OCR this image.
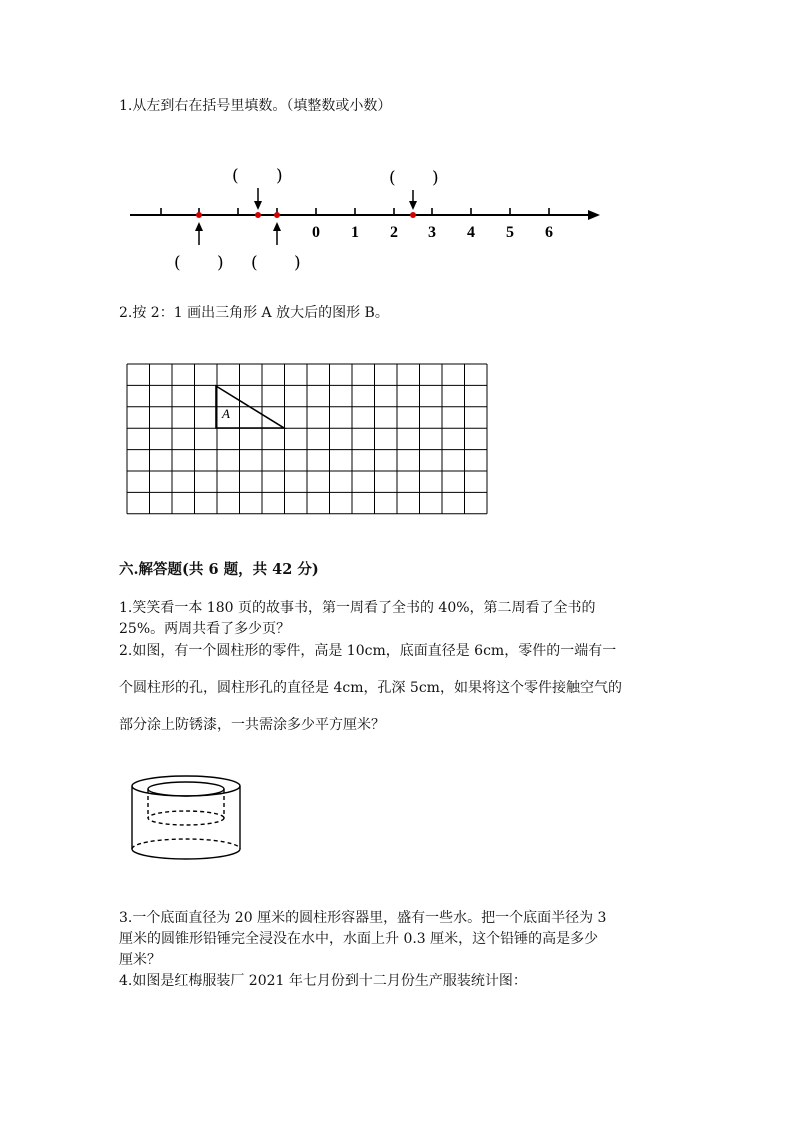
1.从左到右在括号里填数。（填整数或小数）

0 1 2 3 4 5 6
( )	( )
( ) ( )

2.按 2：1 画出三角形 A 放大后的图形 B。

A

六.解答题(共 6 题，共 42 分)

1.笑笑看一本 180 页的故事书，第一周看了全书的 40%，第二周看了全书的

25%。两周共看了多少页？

2.如图，有一个圆柱形的零件，高是 10cm，底面直径是 6cm，零件的一端有一

个圆柱形的孔，圆柱形孔的直径是 4cm，孔深 5cm，如果将这个零件接触空气的

部分涂上防锈漆，一共需涂多少平方厘米？

3.一个底面直径为 20 厘米的圆柱形容器里，盛有一些水。把一个底面半径为 3

厘米的圆锥形铅锤完全浸没在水中，水面上升 0.3 厘米，这个铅锤的高是多少

厘米？

4.如图是红梅服装厂 2021 年七月份到十二月份生产服装统计图：
